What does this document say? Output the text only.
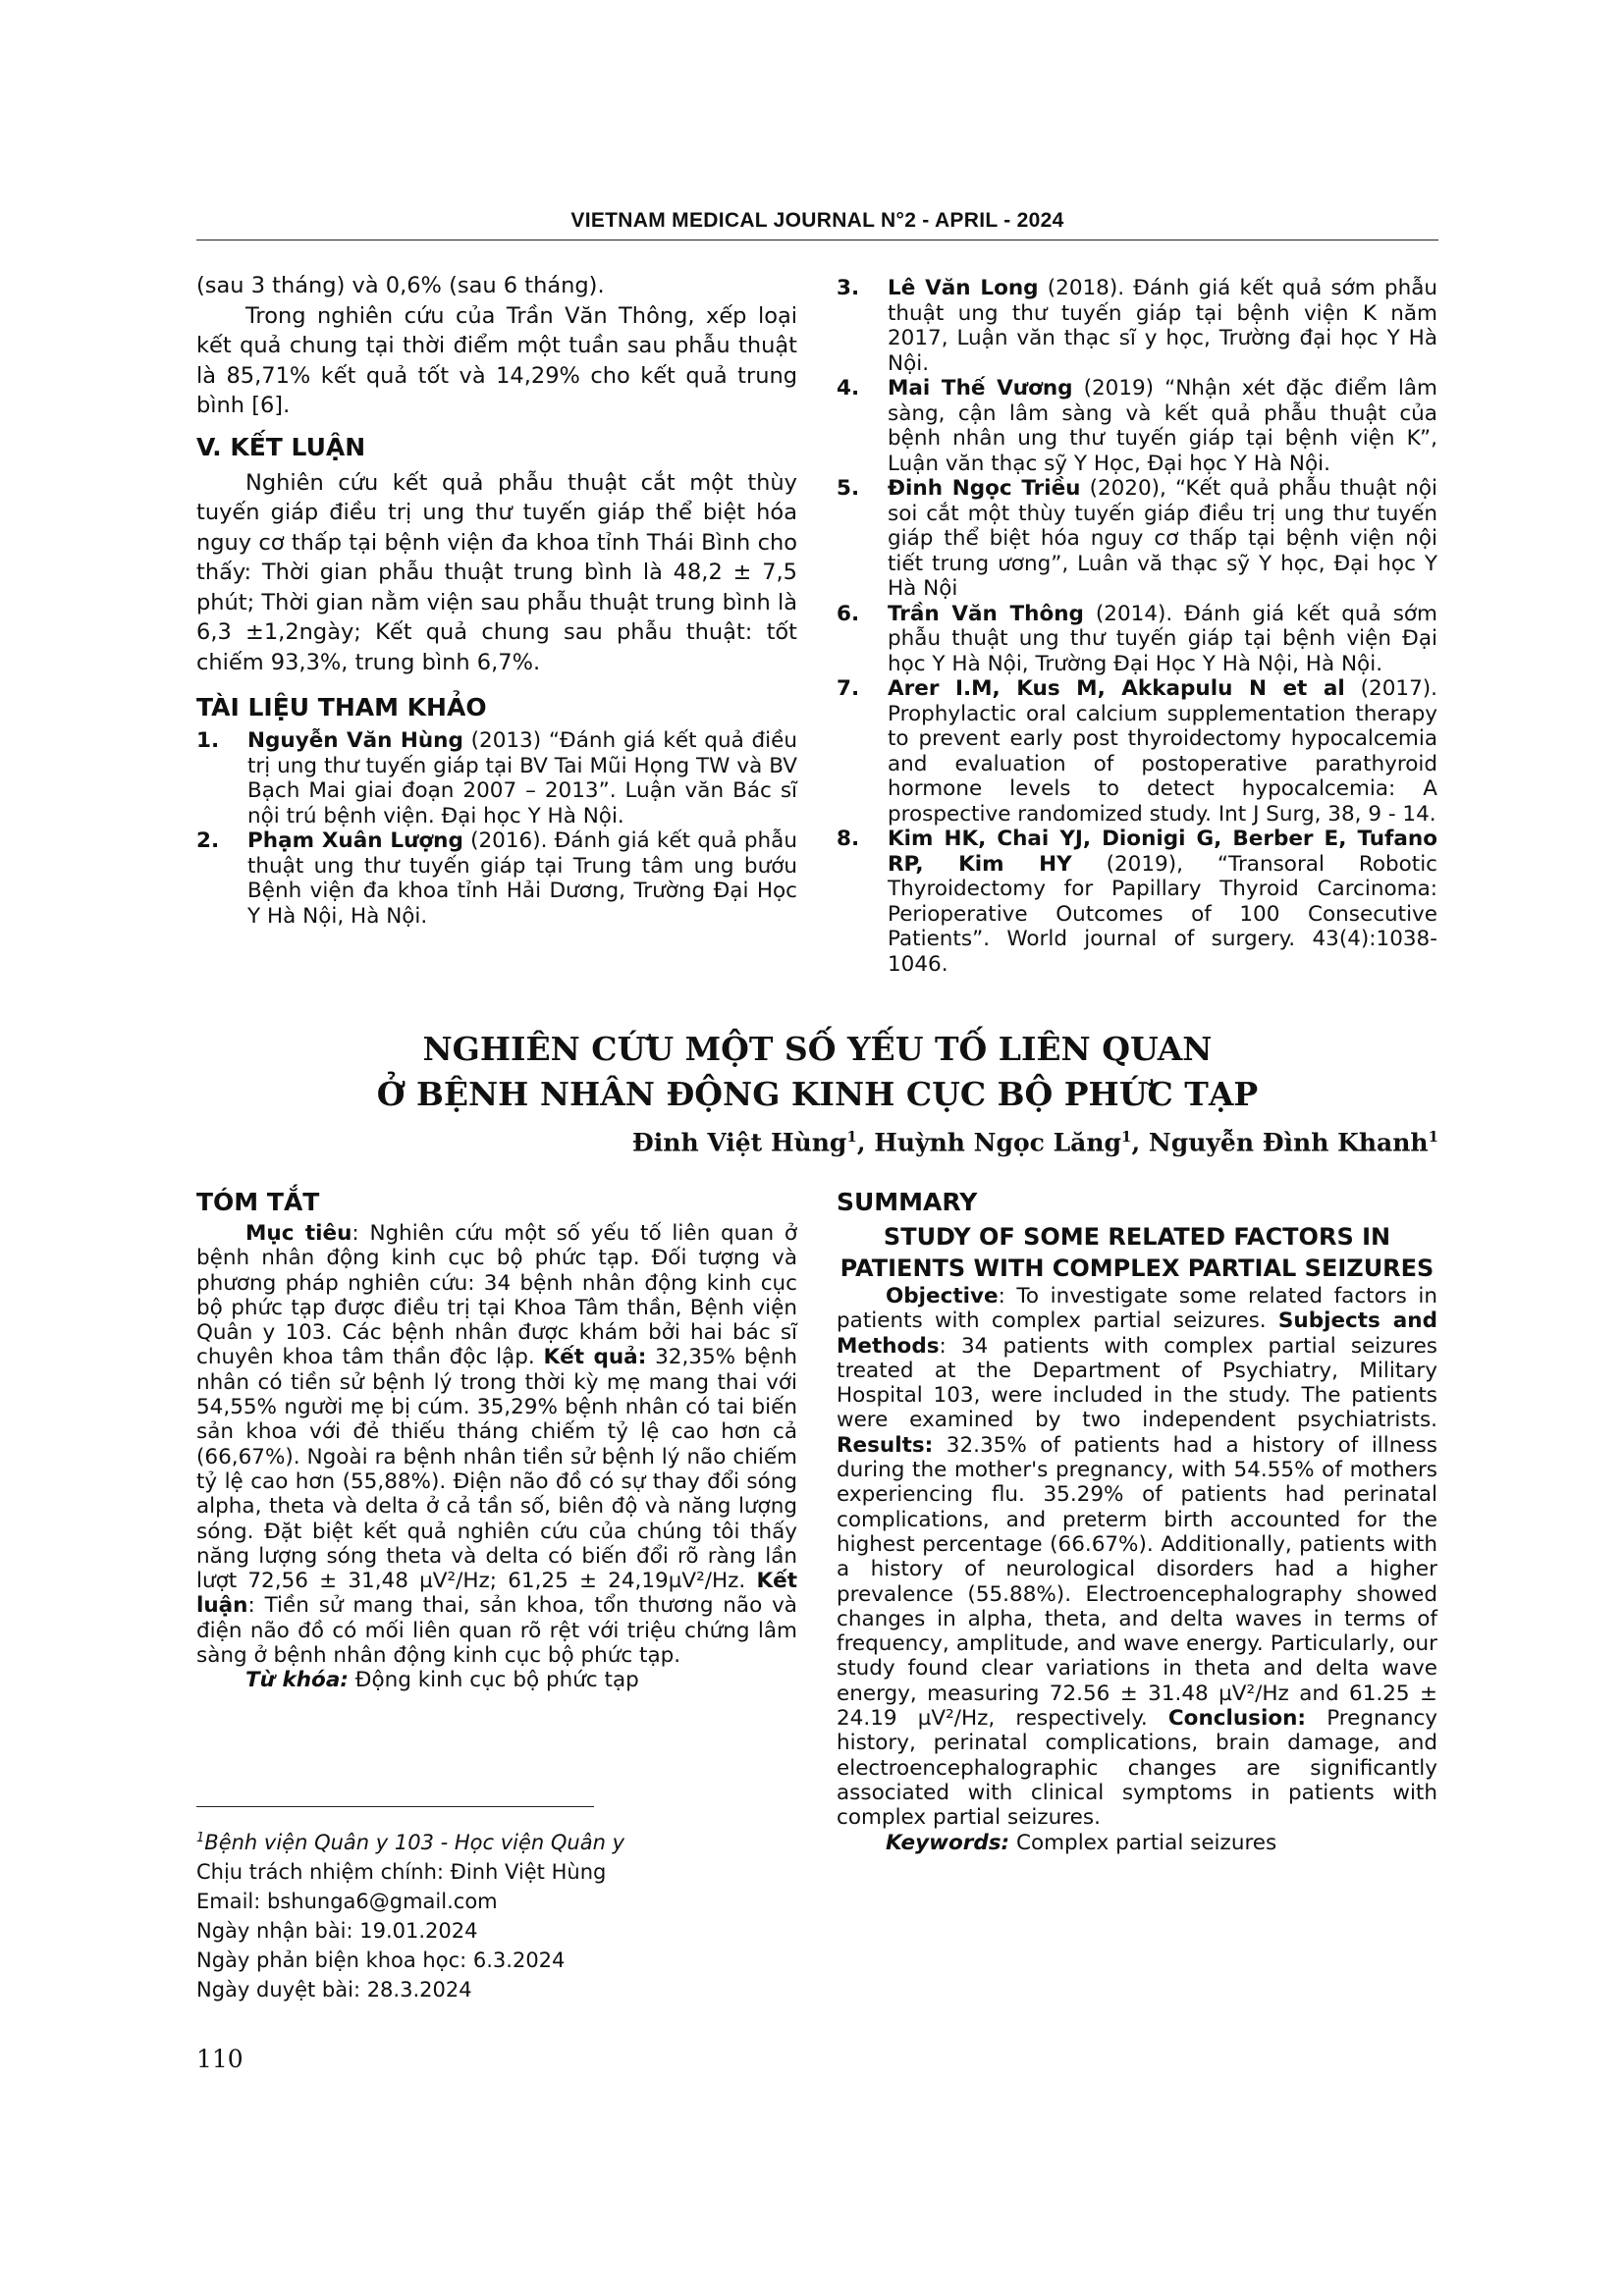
VIETNAM MEDICAL JOURNAL N°2 - APRIL - 2024

(sau 3 tháng) và 0,6% (sau 6 tháng).

Trong nghiên cứu của Trần Văn Thông, xếp loại kết quả chung tại thời điểm một tuần sau phẫu thuật là 85,71% kết quả tốt và 14,29% cho kết quả trung bình [6].

V. KẾT LUẬN

Nghiên cứu kết quả phẫu thuật cắt một thùy tuyến giáp điều trị ung thư tuyến giáp thể biệt hóa nguy cơ thấp tại bệnh viện đa khoa tỉnh Thái Bình cho thấy: Thời gian phẫu thuật trung bình là 48,2 ± 7,5 phút; Thời gian nằm viện sau phẫu thuật trung bình là 6,3 ±1,2ngày; Kết quả chung sau phẫu thuật: tốt chiếm 93,3%, trung bình 6,7%.

TÀI LIỆU THAM KHẢO
1.	Nguyễn Văn Hùng (2013) “Đánh giá kết quả điều trị ung thư tuyến giáp tại BV Tai Mũi Họng TW và BV Bạch Mai giai đoạn 2007 – 2013”. Luận văn Bác sĩ nội trú bệnh viện. Đại học Y Hà Nội.
2.	Phạm Xuân Lượng (2016). Đánh giá kết quả phẫu thuật ung thư tuyến giáp tại Trung tâm ung bướu Bệnh viện đa khoa tỉnh Hải Dương, Trường Đại Học Y Hà Nội, Hà Nội.
3.	Lê Văn Long (2018). Đánh giá kết quả sớm phẫu thuật ung thư tuyến giáp tại bệnh viện K năm 2017, Luận văn thạc sĩ y học, Trường đại học Y Hà Nội.
4.	Mai Thế Vương (2019) “Nhận xét đặc điểm lâm sàng, cận lâm sàng và kết quả phẫu thuật của bệnh nhân ung thư tuyến giáp tại bệnh viện K”, Luận văn thạc sỹ Y Học, Đại học Y Hà Nội.
5.	Đinh Ngọc Triều (2020), “Kết quả phẫu thuật nội soi cắt một thùy tuyến giáp điều trị ung thư tuyến giáp thể biệt hóa nguy cơ thấp tại bệnh viện nội tiết trung ương”, Luân vă thạc sỹ Y học, Đại học Y Hà Nội
6.	Trần Văn Thông (2014). Đánh giá kết quả sớm phẫu thuật ung thư tuyến giáp tại bệnh viện Đại học Y Hà Nội, Trường Đại Học Y Hà Nội, Hà Nội.
7.	Arer I.M, Kus M, Akkapulu N et al (2017). Prophylactic oral calcium supplementation therapy to prevent early post thyroidectomy hypocalcemia and evaluation of postoperative parathyroid hormone levels to detect hypocalcemia: A prospective randomized study. Int J Surg, 38, 9 - 14.
8.	Kim HK, Chai YJ, Dionigi G, Berber E, Tufano RP, Kim HY (2019), “Transoral Robotic Thyroidectomy for Papillary Thyroid Carcinoma: Perioperative Outcomes of 100 Consecutive Patients”. World journal of surgery. 43(4):1038-1046.
NGHIÊN CỨU MỘT SỐ YẾU TỐ LIÊN QUAN
Ở BỆNH NHÂN ĐỘNG KINH CỤC BỘ PHỨC TẠP
Đinh Việt Hùng$^1$, Huỳnh Ngọc Lăng$^1$, Nguyễn Đình Khanh$^1$
TÓM TẮT

Mục tiêu: Nghiên cứu một số yếu tố liên quan ở bệnh nhân động kinh cục bộ phức tạp. Đối tượng và phương pháp nghiên cứu: 34 bệnh nhân động kinh cục bộ phức tạp được điều trị tại Khoa Tâm thần, Bệnh viện Quân y 103. Các bệnh nhân được khám bởi hai bác sĩ chuyên khoa tâm thần độc lập. Kết quả: 32,35% bệnh nhân có tiền sử bệnh lý trong thời kỳ mẹ mang thai với 54,55% người mẹ bị cúm. 35,29% bệnh nhân có tai biến sản khoa với đẻ thiếu tháng chiếm tỷ lệ cao hơn cả (66,67%). Ngoài ra bệnh nhân tiền sử bệnh lý não chiếm tỷ lệ cao hơn (55,88%). Điện não đồ có sự thay đổi sóng alpha, theta và delta ở cả tần số, biên độ và năng lượng sóng. Đặt biệt kết quả nghiên cứu của chúng tôi thấy năng lượng sóng theta và delta có biến đổi rõ ràng lần lượt 72,56 ± 31,48 µV²/Hz; 61,25 ± 24,19µV²/Hz. Kết luận: Tiền sử mang thai, sản khoa, tổn thương não và điện não đồ có mối liên quan rõ rệt với triệu chứng lâm sàng ở bệnh nhân động kinh cục bộ phức tạp.

Từ khóa: Động kinh cục bộ phức tạp

SUMMARY
STUDY OF SOME RELATED FACTORS IN
PATIENTS WITH COMPLEX PARTIAL SEIZURES

Objective: To investigate some related factors in patients with complex partial seizures. Subjects and Methods: 34 patients with complex partial seizures treated at the Department of Psychiatry, Military Hospital 103, were included in the study. The patients were examined by two independent psychiatrists. Results: 32.35% of patients had a history of illness during the mother's pregnancy, with 54.55% of mothers experiencing flu. 35.29% of patients had perinatal complications, and preterm birth accounted for the highest percentage (66.67%). Additionally, patients with a history of neurological disorders had a higher prevalence (55.88%). Electroencephalography showed changes in alpha, theta, and delta waves in terms of frequency, amplitude, and wave energy. Particularly, our study found clear variations in theta and delta wave energy, measuring 72.56 ± 31.48 µV²/Hz and 61.25 ± 24.19 µV²/Hz, respectively. Conclusion: Pregnancy history, perinatal complications, brain damage, and electroencephalographic changes are significantly associated with clinical symptoms in patients with complex partial seizures.

Keywords: Complex partial seizures

$^1$Bệnh viện Quân y 103 - Học viện Quân y
Chịu trách nhiệm chính: Đinh Việt Hùng
Email: bshunga6@gmail.com
Ngày nhận bài: 19.01.2024
Ngày phản biện khoa học: 6.3.2024
Ngày duyệt bài: 28.3.2024
110
